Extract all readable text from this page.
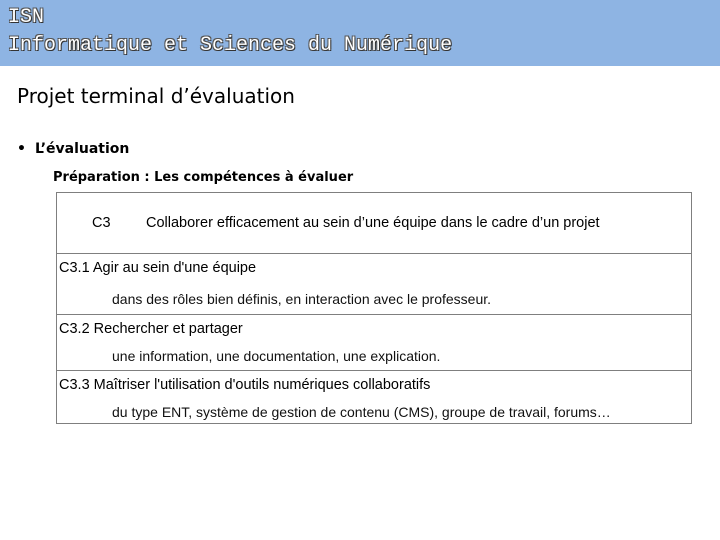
ISN
Informatique et Sciences du Numérique
Projet terminal d’évaluation
• L’évaluation
Préparation : Les compétences à évaluer
C3 Collaborer efficacement au sein d’une équipe dans le cadre d’un projet
C3.1 Agir au sein d'une équipe
dans des rôles bien définis, en interaction avec le professeur.
C3.2 Rechercher et partager
une information, une documentation, une explication.
C3.3 Maîtriser l'utilisation d'outils numériques collaboratifs
du type ENT, système de gestion de contenu (CMS), groupe de travail, forums…
